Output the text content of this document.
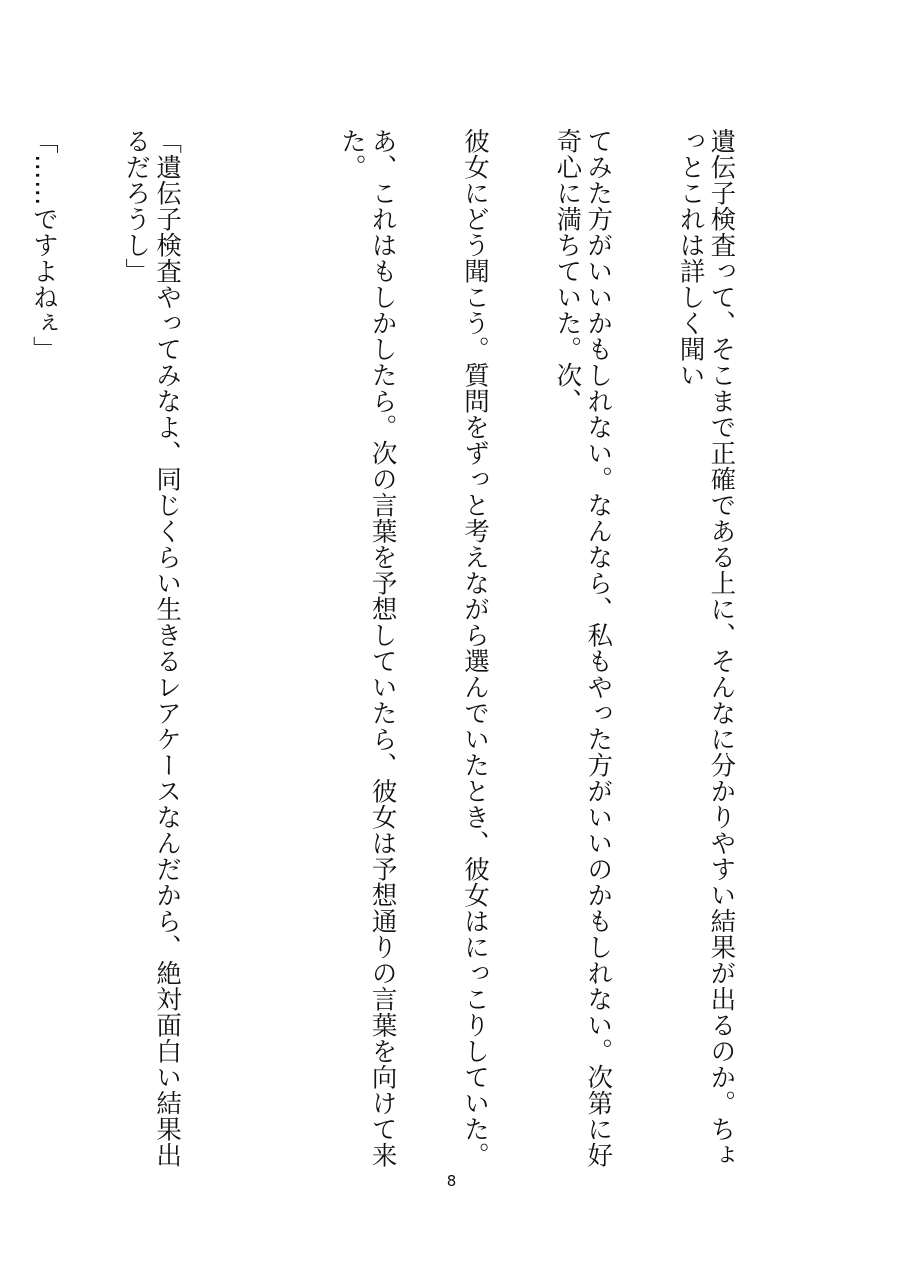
遺伝子検査って、そこまで正確である上に、そんなに分かりやすい結果が出るのか。ちょっとこれは詳しく聞い

てみた方がいいかもしれない。なんなら、私もやった方がいいのかもしれない。次第に好奇心に満ちていた。次、

彼女にどう聞こう。質問をずっと考えながら選んでいたとき、彼女はにっこりしていた。

あ、これはもしかしたら。次の言葉を予想していたら、彼女は予想通りの言葉を向けて来た。

「遺伝子検査やってみなよ、同じくらい生きるレアケースなんだから、絶対面白い結果出るだろうし」

「……ですよねぇ」

8
